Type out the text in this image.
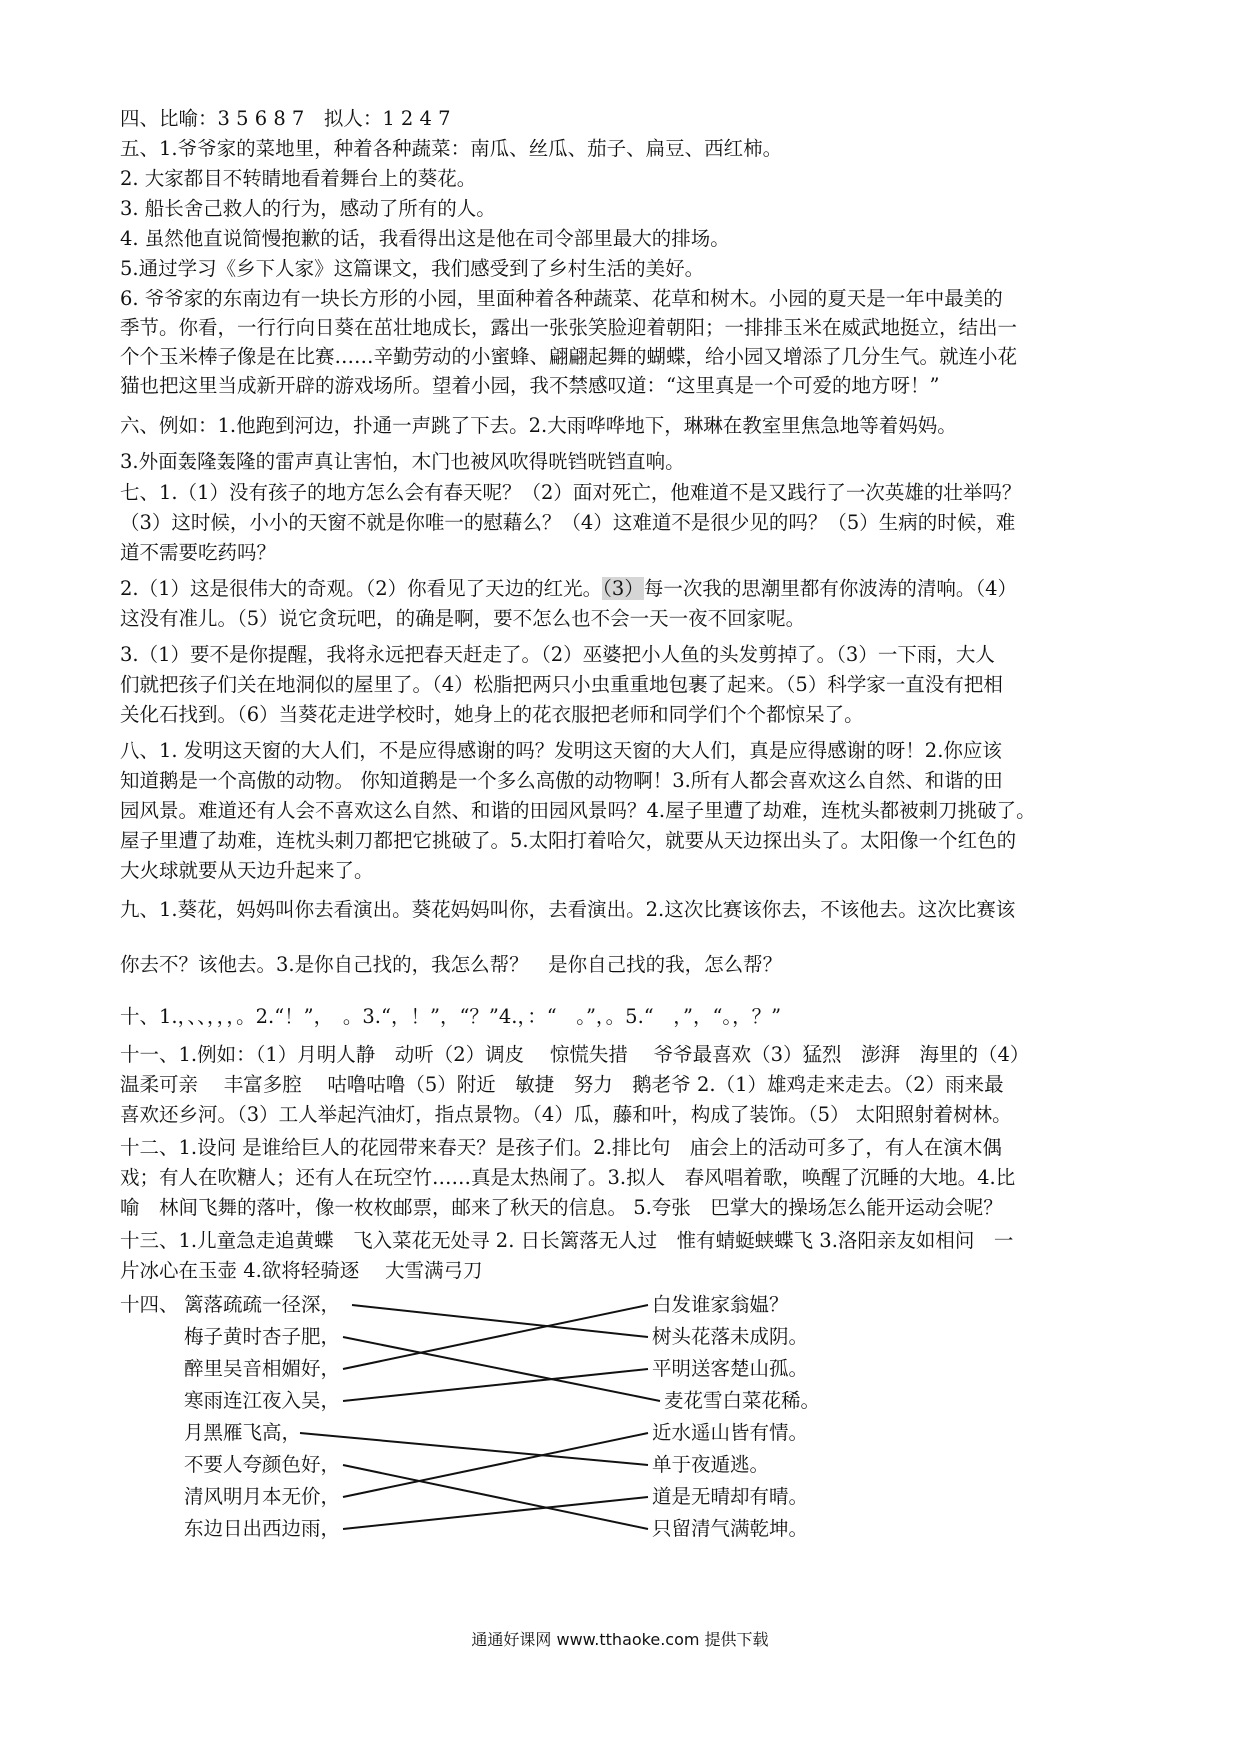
四、比喻：3 5 6 8 7　拟人：1 2 4 7
五、1.爷爷家的菜地里，种着各种蔬菜：南瓜、丝瓜、茄子、扁豆、西红柿。
2. 大家都目不转睛地看着舞台上的葵花。
3. 船长舍己救人的行为，感动了所有的人。
4. 虽然他直说简慢抱歉的话，我看得出这是他在司令部里最大的排场。
5.通过学习《乡下人家》这篇课文，我们感受到了乡村生活的美好。
6. 爷爷家的东南边有一块长方形的小园，里面种着各种蔬菜、花草和树木。小园的夏天是一年中最美的
季节。你看，一行行向日葵在茁壮地成长，露出一张张笑脸迎着朝阳；一排排玉米在威武地挺立，结出一
个个玉米棒子像是在比赛……辛勤劳动的小蜜蜂、翩翩起舞的蝴蝶，给小园又增添了几分生气。就连小花
猫也把这里当成新开辟的游戏场所。望着小园，我不禁感叹道：“这里真是一个可爱的地方呀！”
六、例如：1.他跑到河边，扑通一声跳了下去。2.大雨哗哗地下，琳琳在教室里焦急地等着妈妈。
3.外面轰隆轰隆的雷声真让害怕，木门也被风吹得咣铛咣铛直响。
七、1.（1）没有孩子的地方怎么会有春天呢？（2）面对死亡，他难道不是又践行了一次英雄的壮举吗？
（3）这时候，小小的天窗不就是你唯一的慰藉么？（4）这难道不是很少见的吗？（5）生病的时候，难
道不需要吃药吗？
2.（1）这是很伟大的奇观。（2）你看见了天边的红光。（3）每一次我的思潮里都有你波涛的清响。（4）
这没有准儿。（5）说它贪玩吧，的确是啊，要不怎么也不会一天一夜不回家呢。
3.（1）要不是你提醒，我将永远把春天赶走了。（2）巫婆把小人鱼的头发剪掉了。（3）一下雨，大人
们就把孩子们关在地洞似的屋里了。（4）松脂把两只小虫重重地包裹了起来。（5）科学家一直没有把相
关化石找到。（6）当葵花走进学校时，她身上的花衣服把老师和同学们个个都惊呆了。
八、1. 发明这天窗的大人们，不是应得感谢的吗？发明这天窗的大人们，真是应得感谢的呀！2.你应该
知道鹅是一个高傲的动物。 你知道鹅是一个多么高傲的动物啊！3.所有人都会喜欢这么自然、和谐的田
园风景。难道还有人会不喜欢这么自然、和谐的田园风景吗？4.屋子里遭了劫难，连枕头都被刺刀挑破了。
屋子里遭了劫难，连枕头刺刀都把它挑破了。5.太阳打着哈欠，就要从天边探出头了。太阳像一个红色的
大火球就要从天边升起来了。
九、1.葵花，妈妈叫你去看演出。葵花妈妈叫你，去看演出。2.这次比赛该你去，不该他去。这次比赛该
你去不？该他去。3.是你自己找的，我怎么帮？　是你自己找的我，怎么帮？
十、1.，、、，，，。2.“！”，　。3.“，！”，“？”4.，：“　。”，。5.“　，”，“。，？”
十一、1.例如：（1）月明人静　动听（2）调皮　 惊慌失措　 爷爷最喜欢（3）猛烈　澎湃　海里的（4）
温柔可亲　 丰富多腔　 咕噜咕噜（5）附近　敏捷　努力　鹅老爷 2.（1）雄鸡走来走去。（2）雨来最
喜欢还乡河。（3）工人举起汽油灯，指点景物。（4）瓜，藤和叶，构成了装饰。（5） 太阳照射着树林。
十二、1.设问 是谁给巨人的花园带来春天？是孩子们。2.排比句　庙会上的活动可多了，有人在演木偶
戏；有人在吹糖人；还有人在玩空竹……真是太热闹了。3.拟人　春风唱着歌，唤醒了沉睡的大地。4.比
喻　林间飞舞的落叶，像一枚枚邮票，邮来了秋天的信息。 5.夸张　巴掌大的操场怎么能开运动会呢？
十三、1.儿童急走追黄蝶　飞入菜花无处寻 2. 日长篱落无人过　惟有蜻蜓蛱蝶飞 3.洛阳亲友如相问　一
片冰心在玉壶 4.欲将轻骑逐　 大雪满弓刀
十四、 篱落疏疏一径深，
梅子黄时杏子肥，
醉里吴音相媚好，
寒雨连江夜入吴，
月黑雁飞高，
不要人夸颜色好，
清风明月本无价，
东边日出西边雨，
白发谁家翁媪？
树头花落未成阴。
平明送客楚山孤。
麦花雪白菜花稀。
近水遥山皆有情。
单于夜遁逃。
道是无晴却有晴。
只留清气满乾坤。
通通好课网 www.tthaoke.com 提供下载
